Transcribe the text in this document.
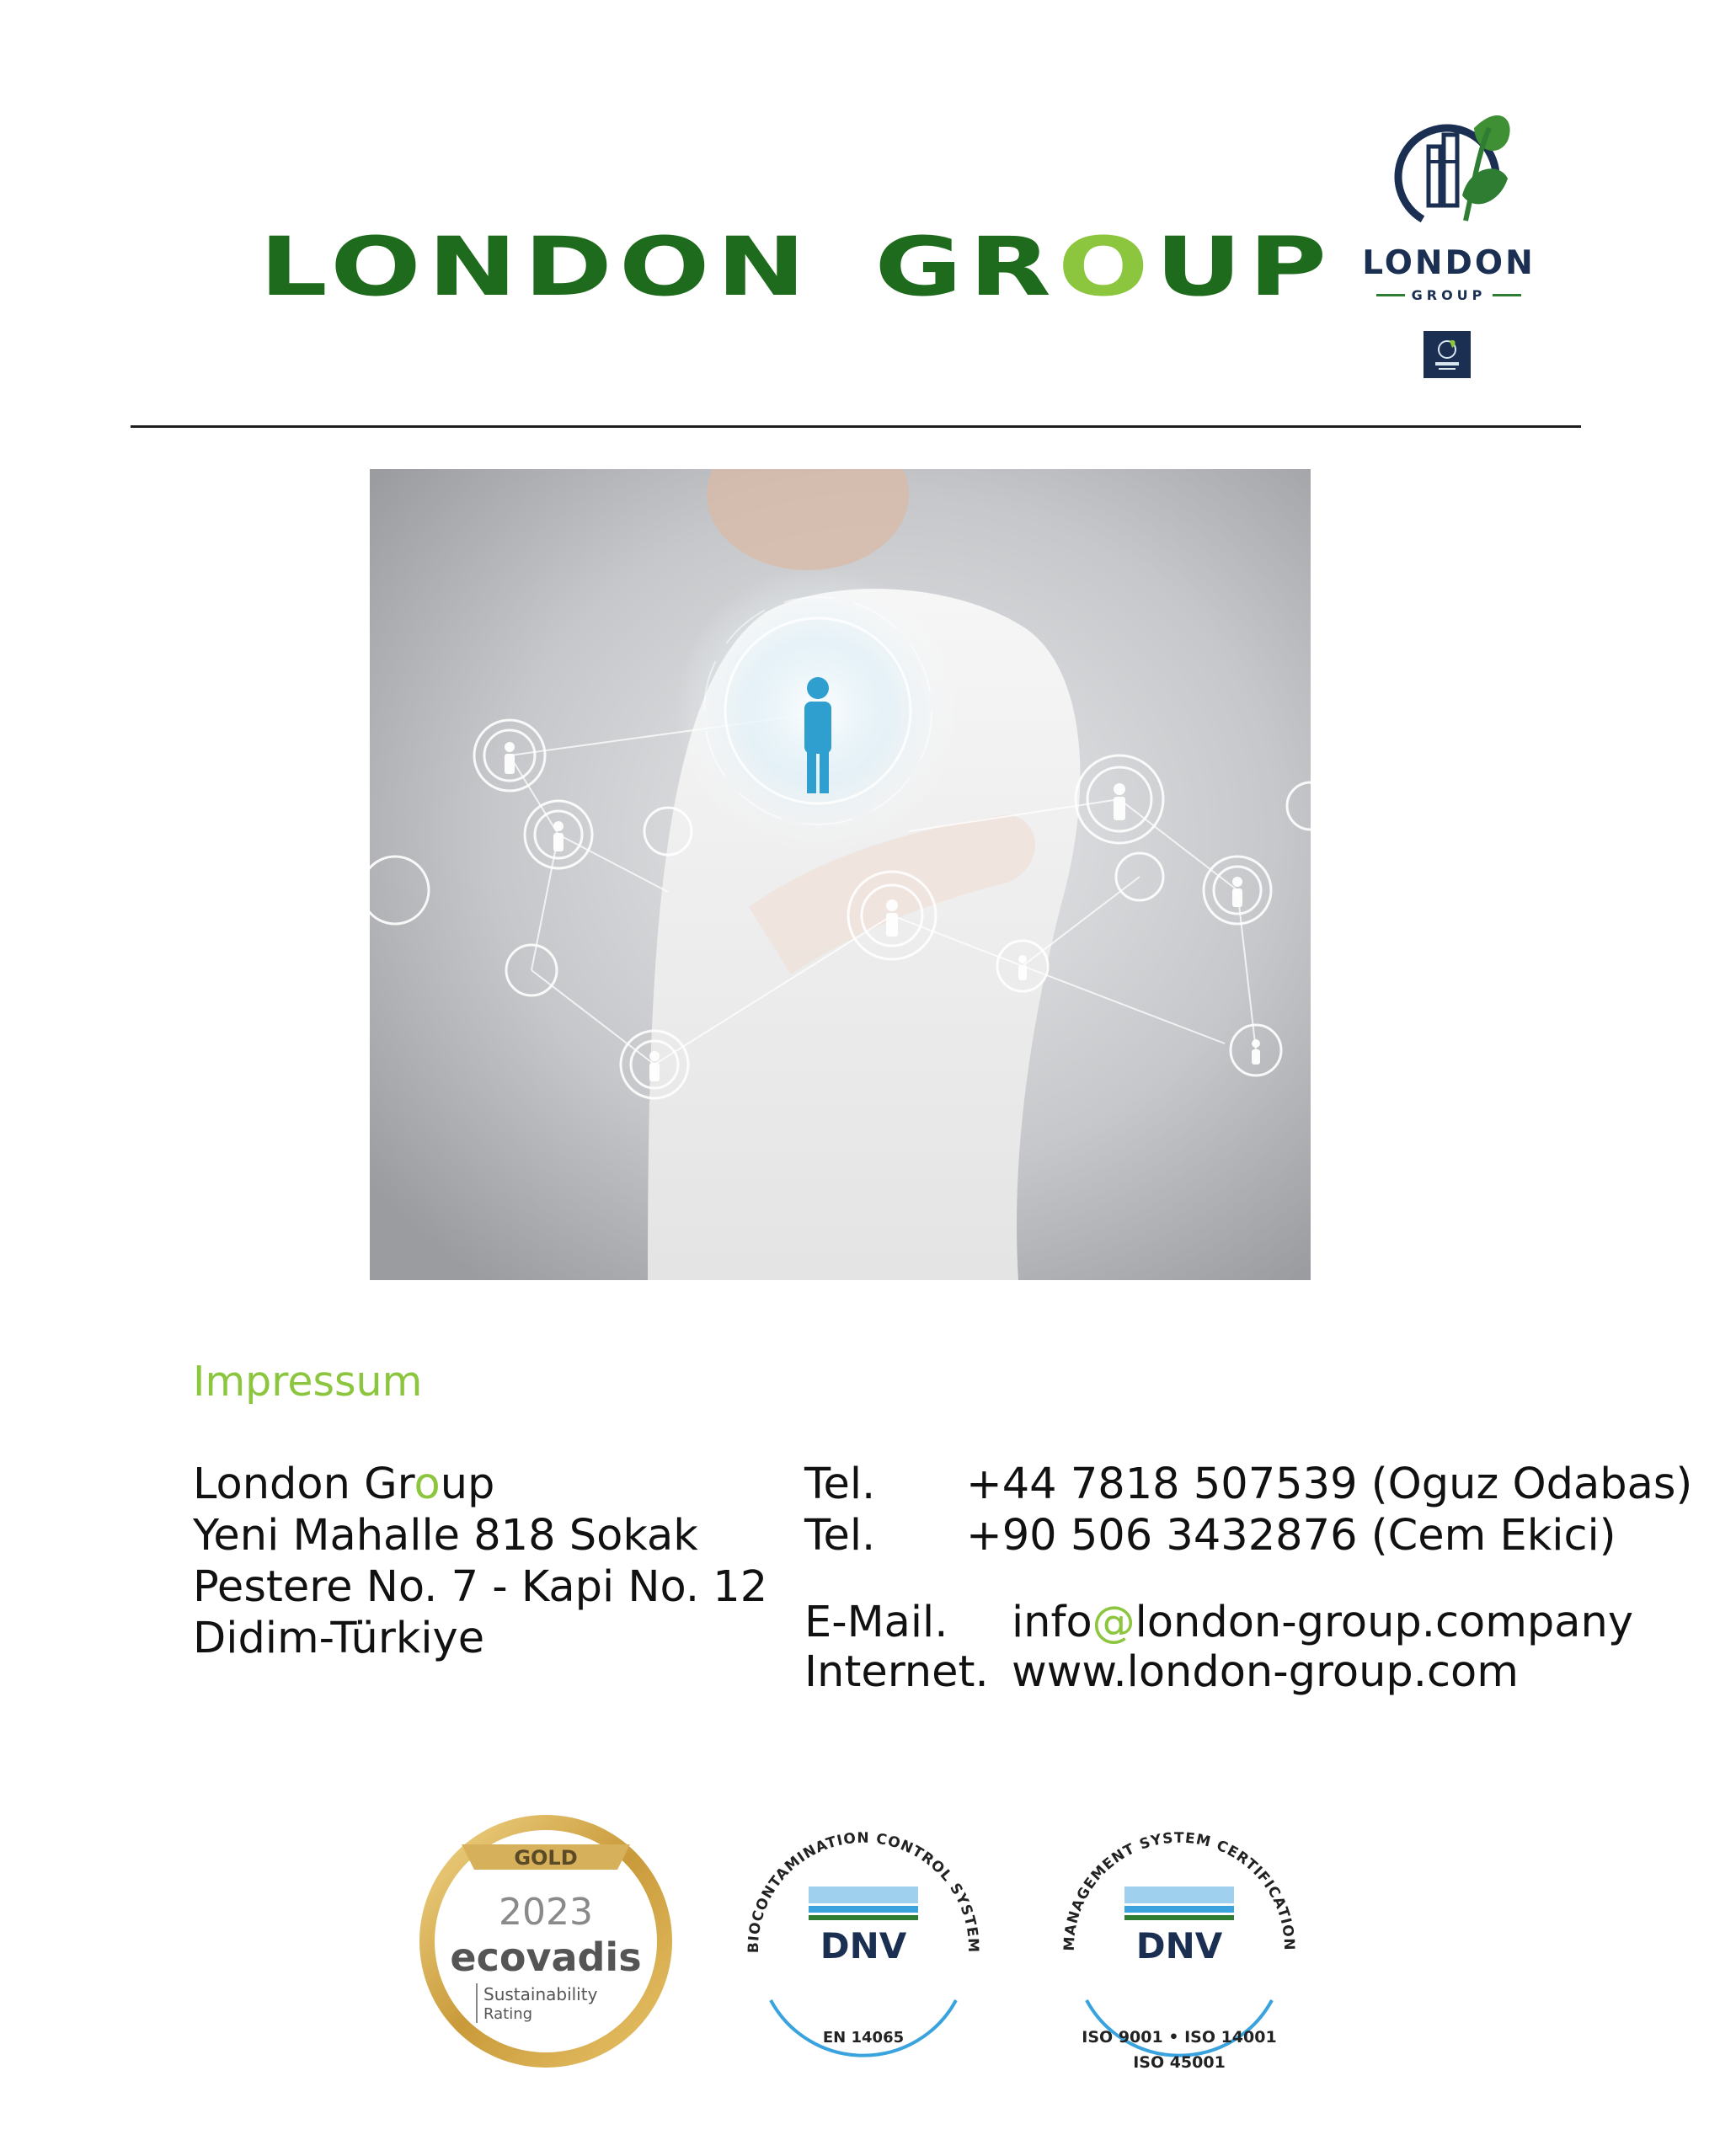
LONDON GROUP LONDON
GROUP
Impressum
London Group
Yeni Mahalle 818 Sokak
Pestere No. 7 - Kapi No. 12
Didim-Türkiye
Tel. +44 7818 507539 (Oguz Odabas)
Tel. +90 506 3432876 (Cem Ekici)
E-Mail. info@london-group.company
Internet. www.london-group.com
GOLD
2023
ecovadis
Sustainability
Rating
BIOCONTAMINATION CONTROL SYSTEM
DNV
EN 14065
MANAGEMENT SYSTEM CERTIFICATION
DNV
ISO 9001 • ISO 14001
ISO 45001
